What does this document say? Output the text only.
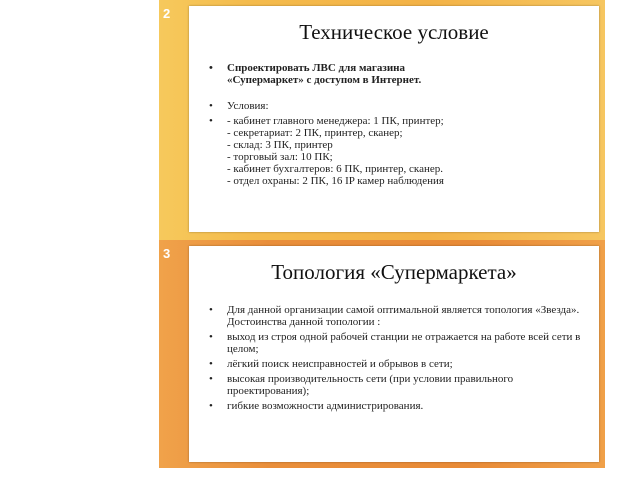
2
Техническое условие
• Спроектировать ЛВС для магазина
«Супермаркет» с доступом в Интернет.
• Условия:
• - кабинет главного менеджера: 1 ПК, принтер;
- секретариат: 2 ПК, принтер, сканер;
- склад: 3 ПК, принтер
- торговый зал: 10 ПК;
- кабинет бухгалтеров: 6 ПК, принтер, сканер.
- отдел охраны: 2 ПК, 16 IP камер наблюдения
3
Топология «Супермаркета»
• Для данной организации самой оптимальной является топология «Звезда». Достоинства данной топологии :
• выход из строя одной рабочей станции не отражается на работе всей сети в целом;
• лёгкий поиск неисправностей и обрывов в сети;
• высокая производительность сети (при условии правильного проектирования);
• гибкие возможности администрирования.
